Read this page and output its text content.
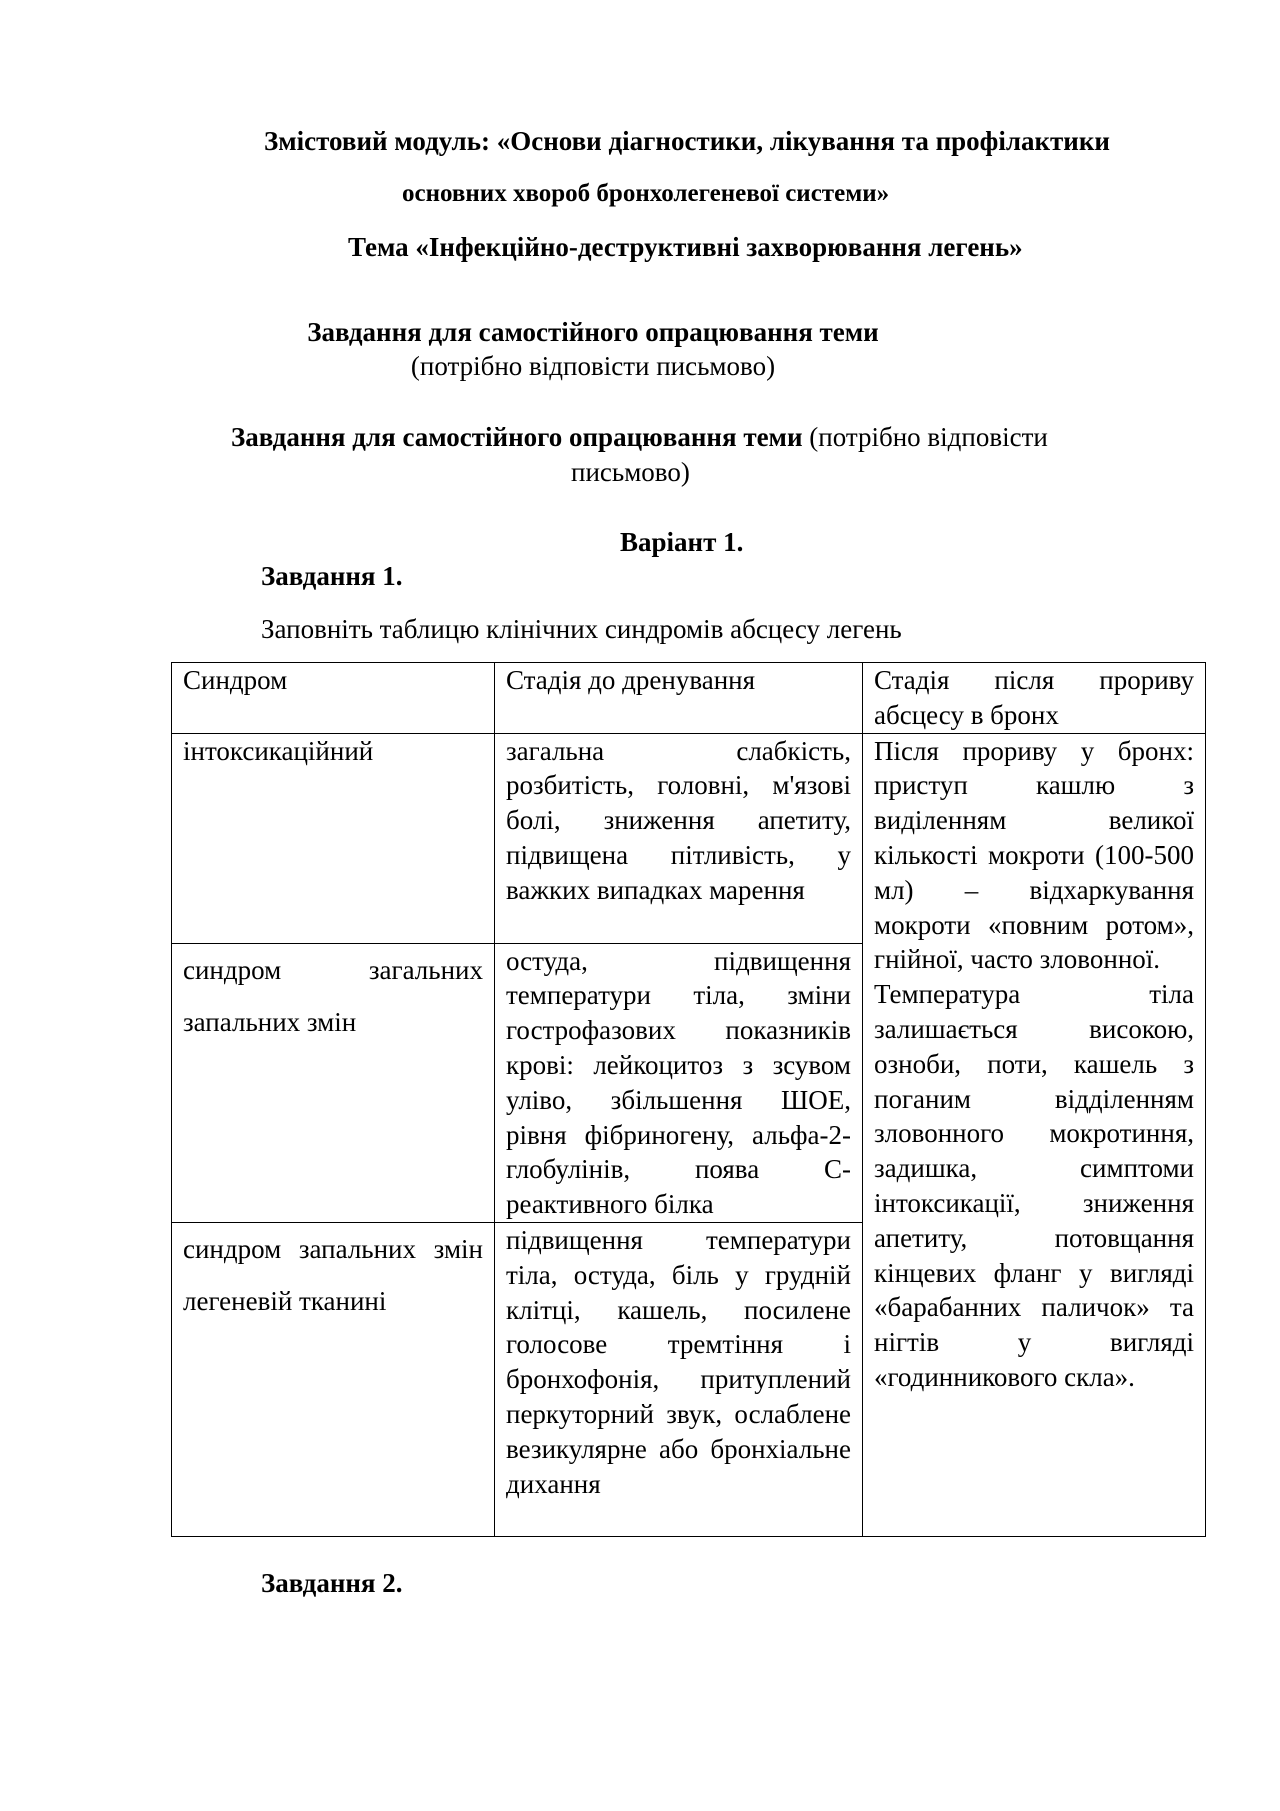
Змістовий модуль: «Основи діагностики, лікування та профілактики
основних хвороб бронхолегеневої системи»
Тема «Інфекційно-деструктивні захворювання легень»
Завдання для самостійного опрацювання теми
(потрібно відповісти письмово)
Завдання для самостійного опрацювання теми (потрібно відповісти
письмово)
Варіант 1.
Завдання 1.
Заповніть таблицю клінічних синдромів абсцесу легень

Синдром	Стадія до дренування	Стадія після прориву абсцесу в бронх

інтоксикаційний	загальна слабкість, розбитість, головні, м'язові болі, зниження апетиту, підвищена пітливість, у важких випадках марення	Після прориву у бронх: приступ кашлю з виділенням великої кількості мокроти (100-500 мл) – відхаркування мокроти «повним ротом», гнійної, часто зловонної.

Температура тіла залишається високою, озноби, поти, кашель з поганим відділенням зловонного мокротиння, задишка, симптоми інтоксикації, зниження апетиту, потовщання кінцевих фланг у вигляді «барабанних паличок» та нігтів у вигляді «годинникового скла».

синдром загальних запальних змін	остуда, підвищення температури тіла, зміни гострофазових показників крові: лейкоцитоз з зсувом уліво, збільшення ШОЕ, рівня фібриногену, альфа-2-глобулінів, поява С-реактивного білка	

синдром запальних змін легеневій тканині	підвищення температури тіла, остуда, біль у грудній клітці, кашель, посилене голосове тремтіння і бронхофонія, притуплений перкуторний звук, ослаблене везикулярне або бронхіальне дихання	

Завдання 2.
